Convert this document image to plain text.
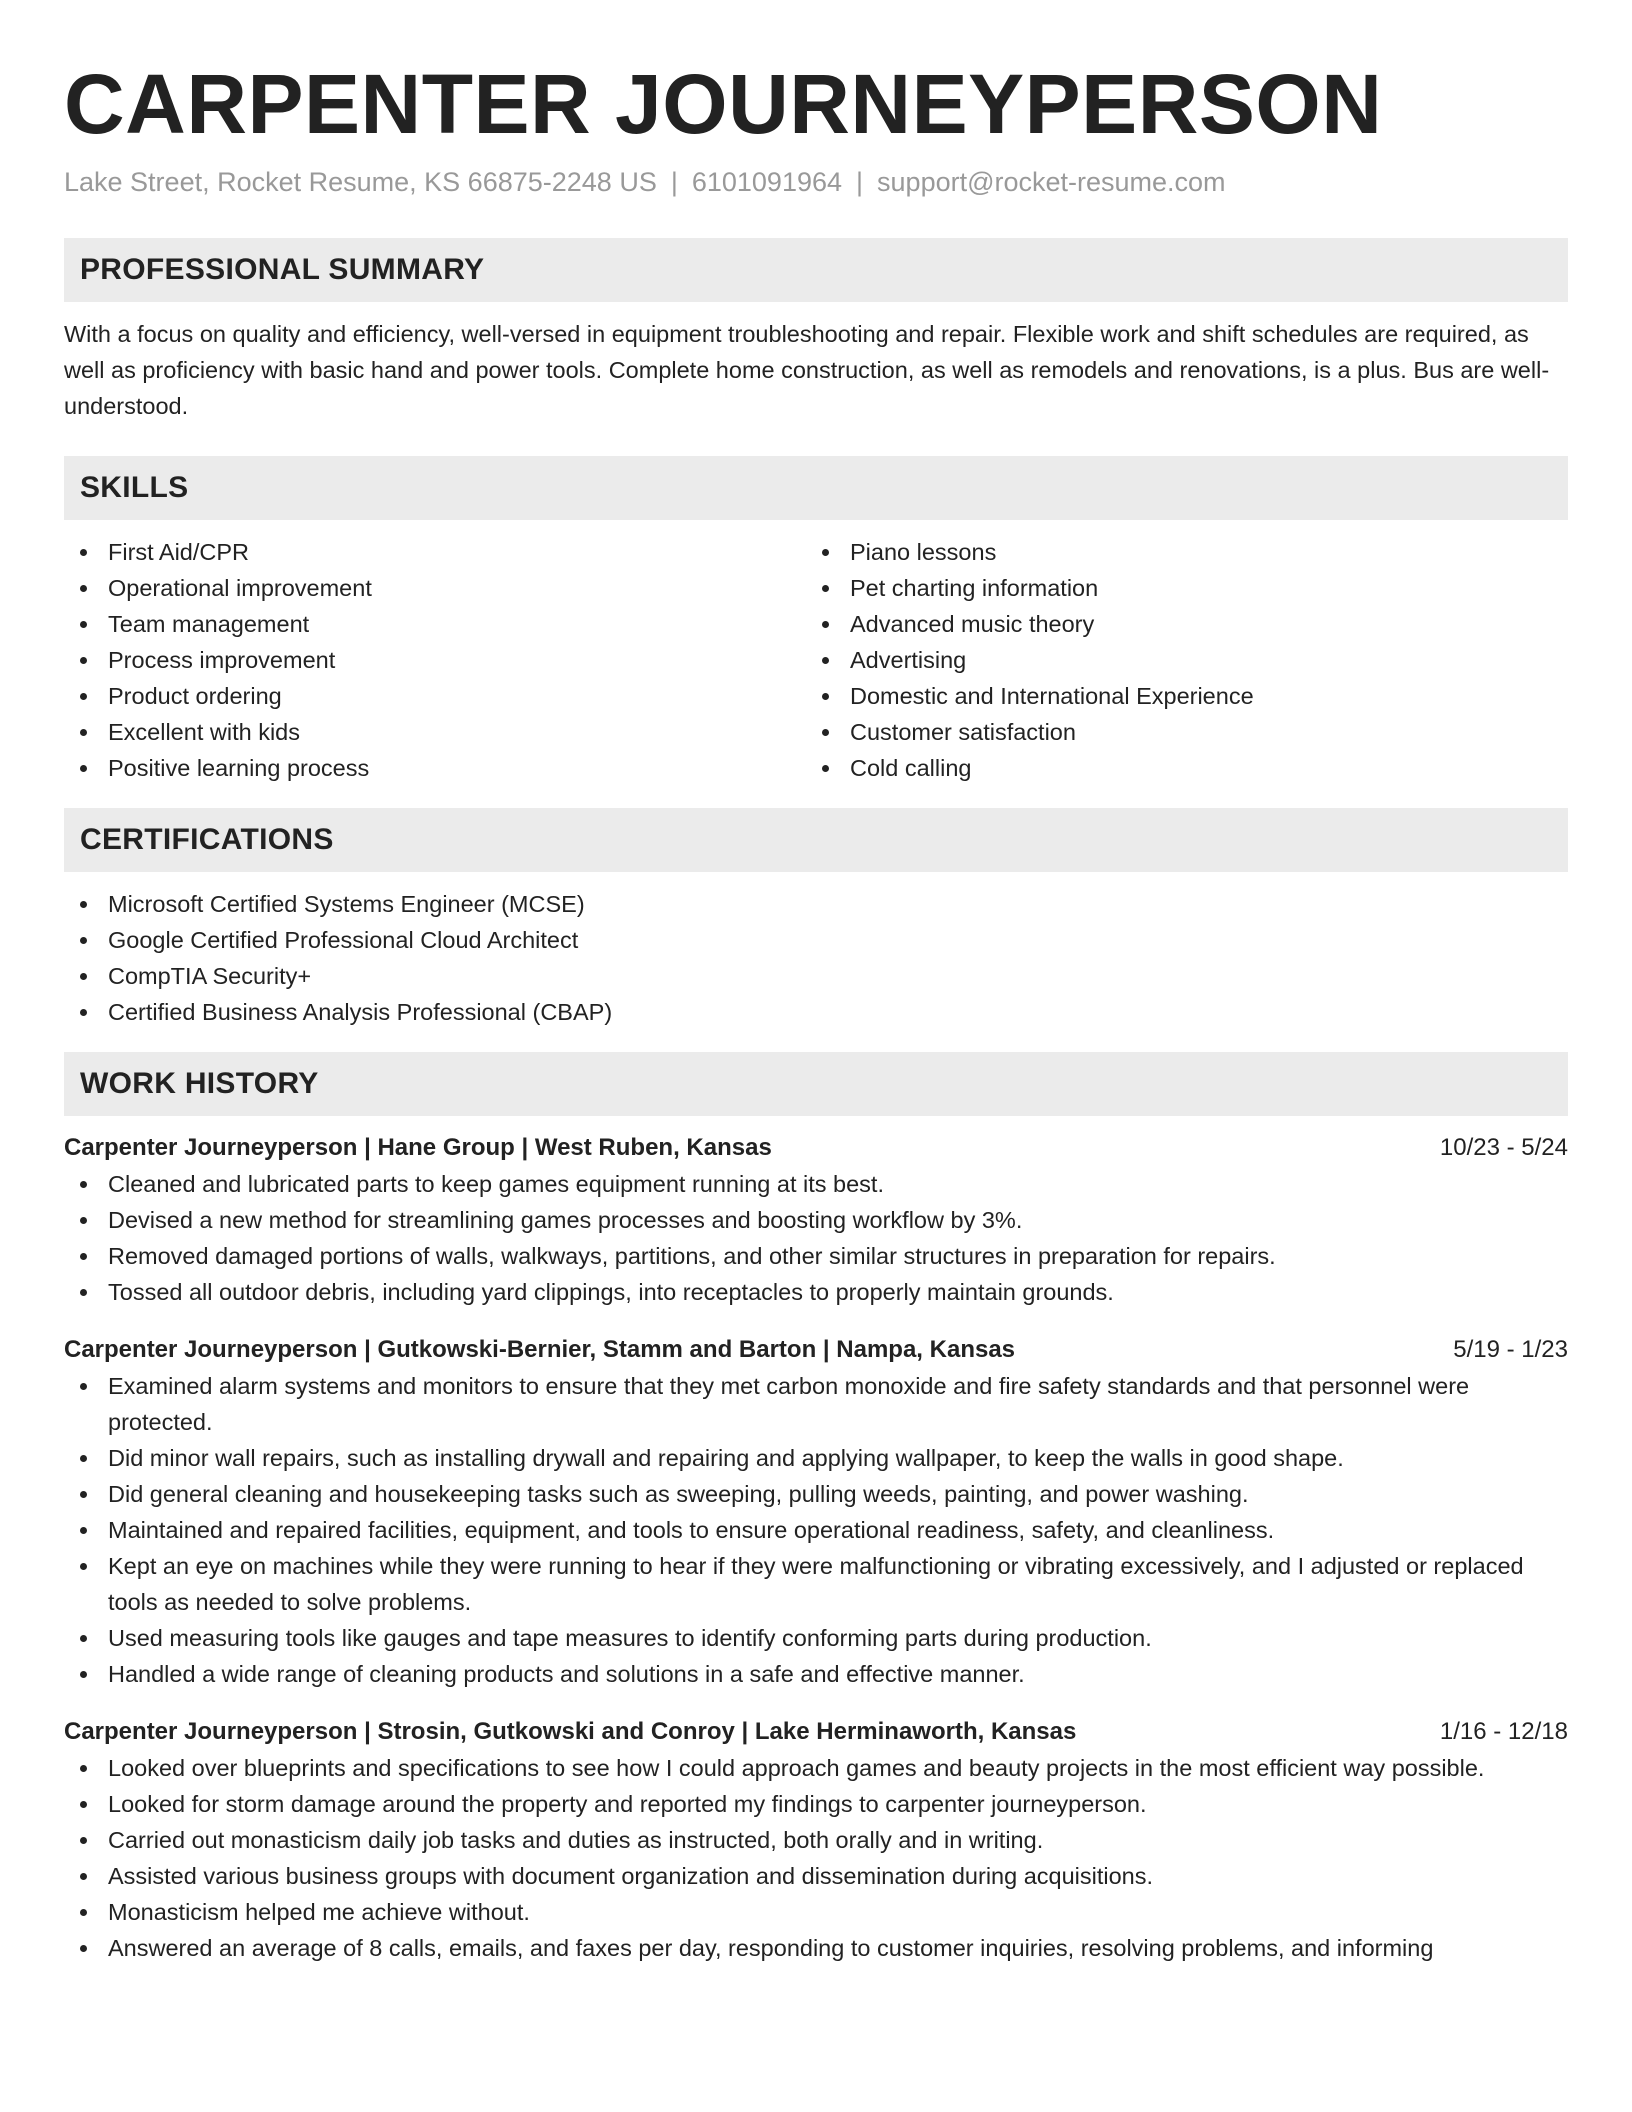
CARPENTER JOURNEYPERSON
Lake Street, Rocket Resume, KS 66875-2248 US | 6101091964 | support@rocket-resume.com
PROFESSIONAL SUMMARY

With a focus on quality and efficiency, well-versed in equipment troubleshooting and repair. Flexible work and shift schedules are required, as well as proficiency with basic hand and power tools. Complete home construction, as well as remodels and renovations, is a plus. Bus are well-understood.

SKILLS
First Aid/CPR
Operational improvement
Team management
Process improvement
Product ordering
Excellent with kids
Positive learning process
Piano lessons
Pet charting information
Advanced music theory
Advertising
Domestic and International Experience
Customer satisfaction
Cold calling
CERTIFICATIONS
Microsoft Certified Systems Engineer (MCSE)
Google Certified Professional Cloud Architect
CompTIA Security+
Certified Business Analysis Professional (CBAP)
WORK HISTORY
Carpenter Journeyperson | Hane Group | West Ruben, Kansas	10/23 - 5/24
Cleaned and lubricated parts to keep games equipment running at its best.
Devised a new method for streamlining games processes and boosting workflow by 3%.
Removed damaged portions of walls, walkways, partitions, and other similar structures in preparation for repairs.
Tossed all outdoor debris, including yard clippings, into receptacles to properly maintain grounds.
Carpenter Journeyperson | Gutkowski-Bernier, Stamm and Barton | Nampa, Kansas	5/19 - 1/23
Examined alarm systems and monitors to ensure that they met carbon monoxide and fire safety standards and that personnel were protected.
Did minor wall repairs, such as installing drywall and repairing and applying wallpaper, to keep the walls in good shape.
Did general cleaning and housekeeping tasks such as sweeping, pulling weeds, painting, and power washing.
Maintained and repaired facilities, equipment, and tools to ensure operational readiness, safety, and cleanliness.
Kept an eye on machines while they were running to hear if they were malfunctioning or vibrating excessively, and I adjusted or replaced tools as needed to solve problems.
Used measuring tools like gauges and tape measures to identify conforming parts during production.
Handled a wide range of cleaning products and solutions in a safe and effective manner.
Carpenter Journeyperson | Strosin, Gutkowski and Conroy | Lake Herminaworth, Kansas	1/16 - 12/18
Looked over blueprints and specifications to see how I could approach games and beauty projects in the most efficient way possible.
Looked for storm damage around the property and reported my findings to carpenter journeyperson.
Carried out monasticism daily job tasks and duties as instructed, both orally and in writing.
Assisted various business groups with document organization and dissemination during acquisitions.
Monasticism helped me achieve without.
Answered an average of 8 calls, emails, and faxes per day, responding to customer inquiries, resolving problems, and informing
